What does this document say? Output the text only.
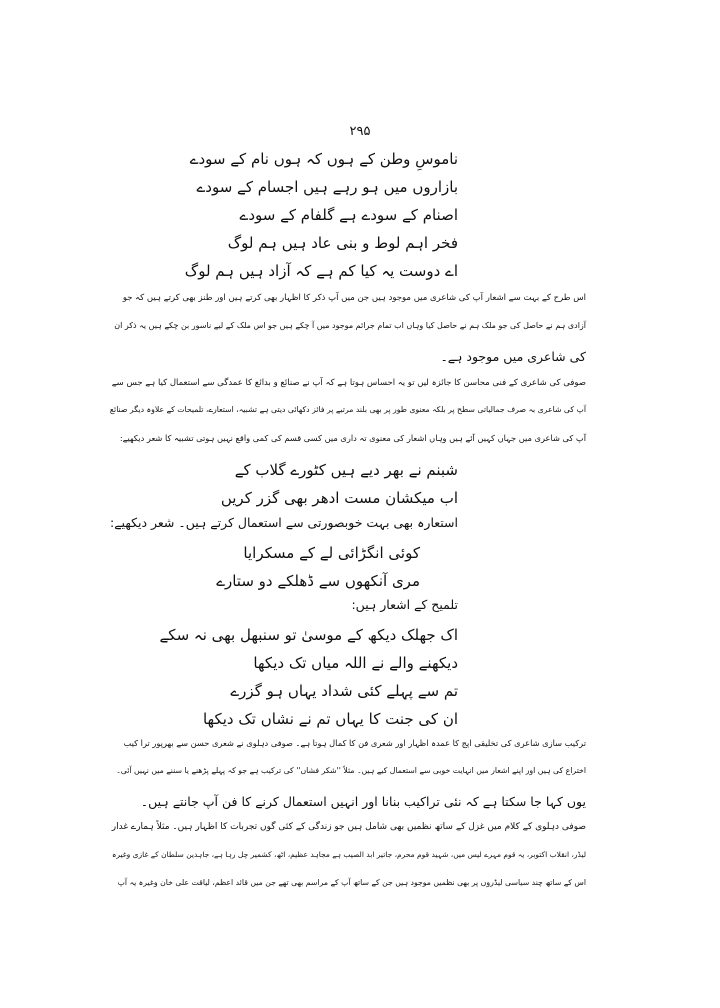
۲۹۵
ناموسِ وطن کے ہوں کہ ہوں نام کے سودے
بازاروں میں ہو رہے ہیں اجسام کے سودے
اصنام کے سودے ہے گلفام کے سودے
فخر اہم لوط و بنی عاد ہیں ہم لوگ
اے دوست یہ کیا کم ہے کہ آزاد ہیں ہم لوگ
اس طرح کے بہت سے اشعار آپ کی شاعری میں موجود ہیں جن میں آپ ذکر کا اظہار بھی کرتے ہیں اور طنز بھی کرتے ہیں کہ جو
آزادی ہم نے حاصل کی جو ملک ہم نے حاصل کیا وہاں اب تمام جرائم موجود میں آ چکے ہیں جو اس ملک کے لیے ناسور بن چکے ہیں یہ ذکر ان
کی شاعری میں موجود ہے۔
صوفی کی شاعری کے فنی محاسن کا جائزہ لیں تو یہ احساس ہوتا ہے کہ آپ نے صنائع و بدائع کا عمدگی سے استعمال کیا ہے جس سے
آپ کی شاعری بہ صرف جمالیاتی سطح پر بلکہ معنوی طور پر بھی بلند مرتبے پر فائز دکھائی دیتی ہے تشبیہ، استعارے، تلمیحات کے علاوہ دیگر صنائع
آپ کی شاعری میں جہاں کہیں آئے ہیں وہاں اشعار کی معنوی تہ داری میں کسی قسم کی کمی واقع نہیں ہوتی تشبیہ کا شعر دیکھیے:
شبنم نے بھر دیے ہیں کٹورے گلاب کے
اب میکشان مست ادھر بھی گزر کریں
استعارہ بھی بہت خوبصورتی سے استعمال کرتے ہیں۔ شعر دیکھیے:
کوئی انگڑائی لے کے مسکرایا
مری آنکھوں سے ڈھلکے دو ستارے
تلمیح کے اشعار ہیں:
اک جھلک دیکھ کے موسیٰ تو سنبھل بھی نہ سکے
دیکھنے والے نے اللہ میاں تک دیکھا
تم سے پہلے کئی شداد یہاں ہو گزرے
ان کی جنت کا یہاں تم نے نشاں تک دیکھا
ترکیب سازی شاعری کی تخلیقی اپج کا عمدہ اظہار اور شعری فن کا کمال ہوتا ہے۔ صوفی دہلوی نے شعری حسن سے بھرپور ترا کیب
اختراع کی ہیں اور اپنے اشعار میں انہایت خوبی سے استعمال کیے ہیں۔ مثلاً ''شکر فشاں'' کی ترکیب ہے جو کہ پہلے پڑھنے یا سننے میں نہیں آئی۔
یوں کہا جا سکتا ہے کہ نئی تراکیب بنانا اور انہیں استعمال کرنے کا فن آپ جانتے ہیں۔
صوفی دہلوی کے کلام میں غزل کے ساتھ نظمیں بھی شامل ہیں جو زندگی کے کئی گوں تجربات کا اظہار ہیں۔ مثلاً ہمارے غدار
لیڈر، انقلاب اکتوبر، یہ قوم مہرے لیس میں، شہید قوم محرم، جاتیر ابد الصیب ہے مجاہد عظیم، اٹھ، کشمیر چل رہا ہے، جاہدین سلطان کے غازی وغیرہ
اس کے ساتھ چند سیاسی لیڈروں پر بھی نظمیں موجود ہیں جن کے ساتھ آپ کے مراسم بھی تھے جن میں قائد اعظم، لیاقت علی خان وغیرہ یہ آپ
